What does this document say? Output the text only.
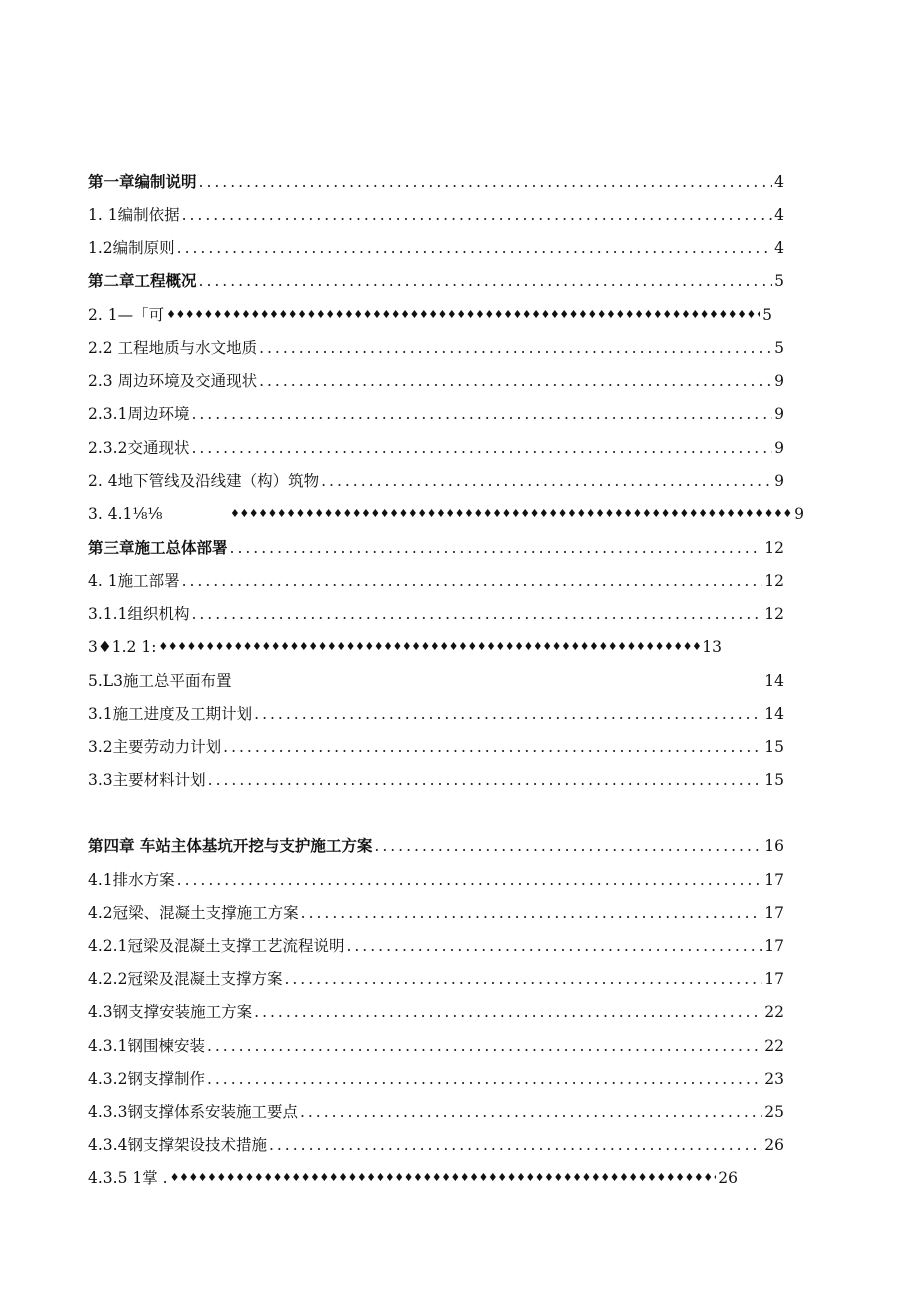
第一章编制说明 .....	4
1. 1编制依据 .....	4
1.2编制原则 .....	4
第二章工程概况 .....	5
2. 1—「可 ♦♦♦♦♦♦♦♦♦♦♦♦♦♦♦♦♦♦♦♦♦♦♦♦♦♦♦♦♦♦♦♦♦♦♦♦♦♦♦♦♦♦♦♦♦♦♦♦♦♦♦♦♦♦♦♦♦♦♦♦♦♦♦♦♦♦♦♦♦♦♦♦♦♦♦♦♦♦♦♦♦♦♦♦♦♦	5
2.2 工程地质与水文地质 .....	5
2.3 周边环境及交通现状 .....	9
2.3.1周边环境 .....	9
2.3.2交通现状 .....	9
2. 4地下管线及沿线建（构）筑物 .....	9
3. 4.1⅛⅛ ♦♦♦♦♦♦♦♦♦♦♦♦♦♦♦♦♦♦♦♦♦♦♦♦♦♦♦♦♦♦♦♦♦♦♦♦♦♦♦♦♦♦♦♦♦♦♦♦♦♦♦♦♦♦♦♦♦♦♦♦♦♦♦♦♦♦♦♦♦♦♦♦♦♦♦♦♦♦♦♦♦♦♦♦♦♦	9
第三章施工总体部署 .....	12
4. 1施工部署 .....	12
3.1.1组织机构 .....	12
3♦1.2 1: ♦♦♦♦♦♦♦♦♦♦♦♦♦♦♦♦♦♦♦♦♦♦♦♦♦♦♦♦♦♦♦♦♦♦♦♦♦♦♦♦♦♦♦♦♦♦♦♦♦♦♦♦♦♦♦♦♦♦♦♦♦♦♦♦♦♦♦♦♦♦♦♦♦♦♦♦♦♦♦♦♦♦♦♦♦♦	13
5.L3施工总平面布置	14
3.1施工进度及工期计划 .....	14
3.2主要劳动力计划 .....	15
3.3主要材料计划 .....	15
第四章 车站主体基坑开挖与支护施工方案 .....	16
4.1排水方案 .....	17
4.2冠梁、混凝土支撑施工方案 .....	17
4.2.1冠梁及混凝土支撑工艺流程说明 .....	17
4.2.2冠梁及混凝土支撑方案 .....	17
4.3钢支撑安装施工方案 .....	22
4.3.1钢围楝安装 .....	22
4.3.2钢支撑制作 .....	23
4.3.3钢支撑体系安装施工要点 .....	25
4.3.4钢支撑架设技术措施 .....	26
4.3.5 1掌 . ♦♦♦♦♦♦♦♦♦♦♦♦♦♦♦♦♦♦♦♦♦♦♦♦♦♦♦♦♦♦♦♦♦♦♦♦♦♦♦♦♦♦♦♦♦♦♦♦♦♦♦♦♦♦♦♦♦♦♦♦♦♦♦♦♦♦♦♦♦♦♦♦♦♦♦♦♦♦♦♦♦♦♦♦♦♦	26
